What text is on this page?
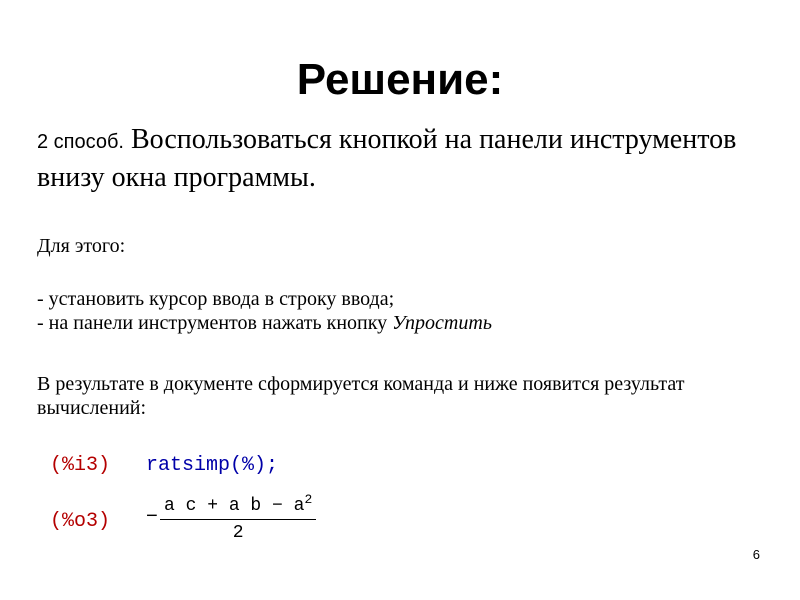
Решение:
2 способ. Воспользоваться кнопкой на панели инструментов внизу окна программы.

Для этого:

- установить курсор ввода в строку ввода;
- на панели инструментов нажать кнопку Упростить

В результате в документе сформируется команда и ниже появится результат вычислений:

(%i3) ratsimp(%);
$(\%o3) - \frac{a c + a b - a^2}{2}$
6
